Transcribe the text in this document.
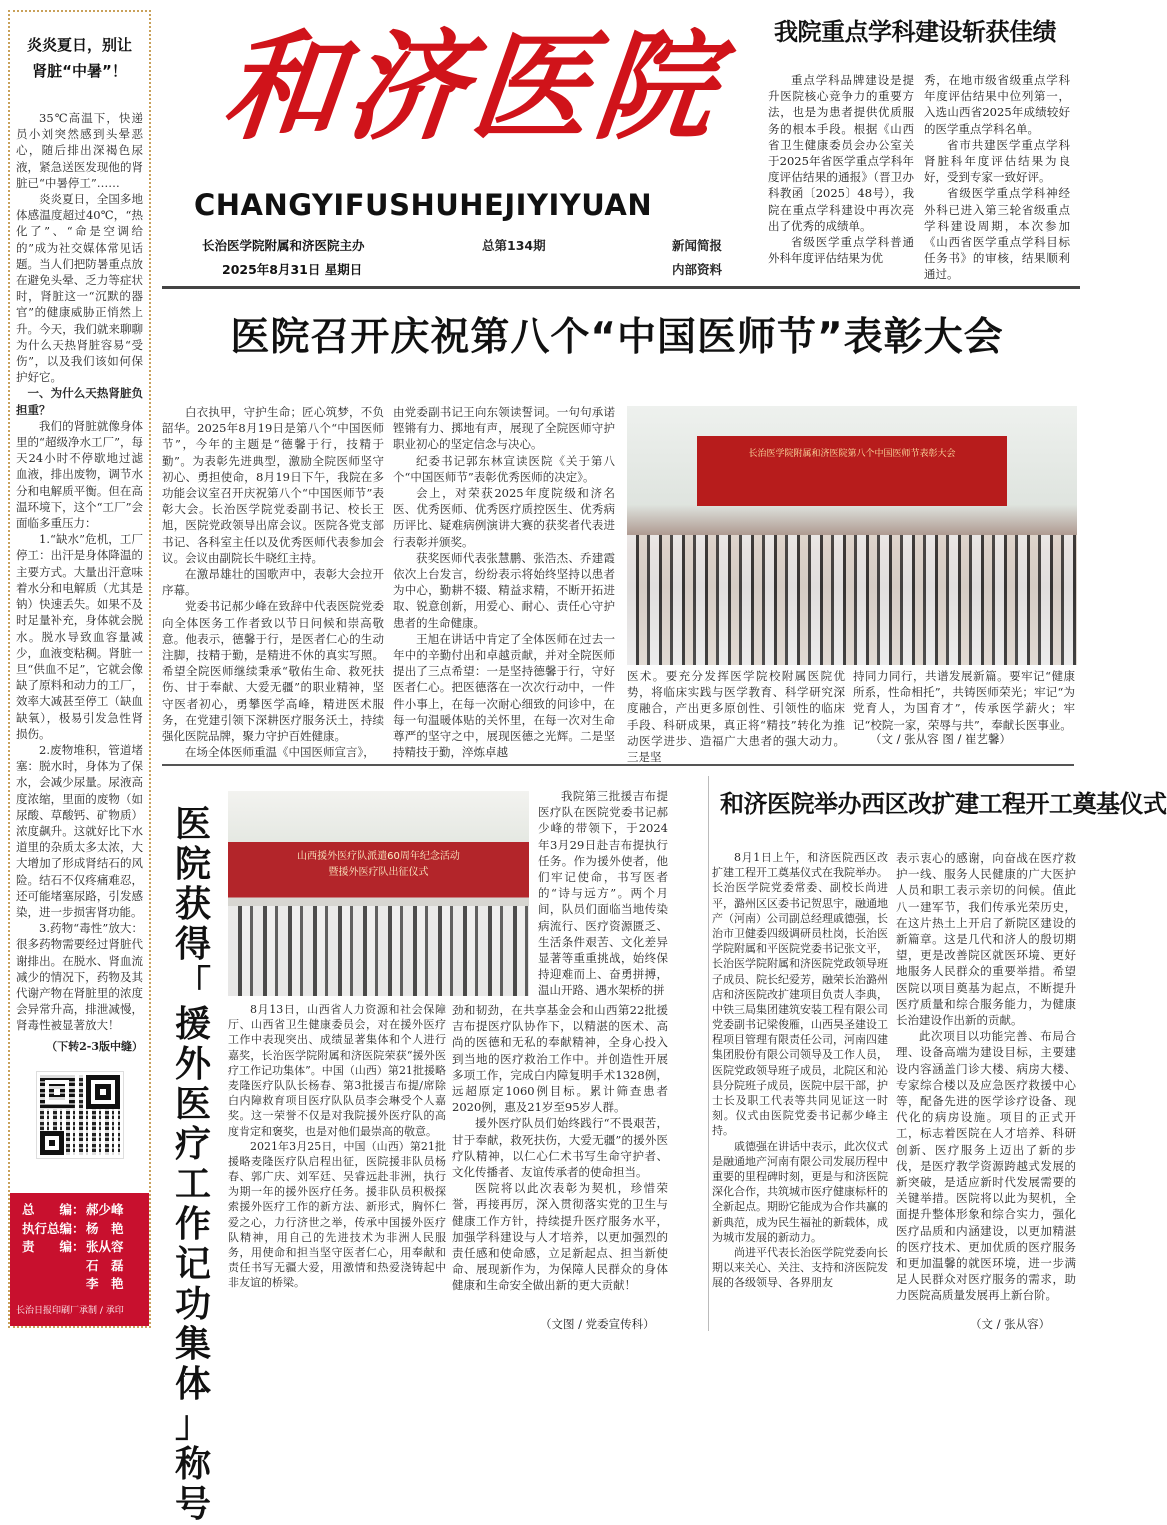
炎炎夏日，别让
肾脏“中暑”！

35℃高温下，快递员小刘突然感到头晕恶心，随后排出深褐色尿液，紧急送医发现他的肾脏已“中暑停工”……

炎炎夏日，全国多地体感温度超过40℃，“热化了”、“命是空调给的”成为社交媒体常见话题。当人们把防暑重点放在避免头晕、乏力等症状时，肾脏这一“沉默的器官”的健康威胁正悄然上升。今天，我们就来聊聊为什么天热肾脏容易“受伤”，以及我们该如何保护好它。

一、为什么天热肾脏负担重？

我们的肾脏就像身体里的“超级净水工厂”，每天24小时不停歇地过滤血液，排出废物，调节水分和电解质平衡。但在高温环境下，这个“工厂”会面临多重压力：

1.“缺水”危机，工厂停工：出汗是身体降温的主要方式。大量出汗意味着水分和电解质（尤其是钠）快速丢失。如果不及时足量补充，身体就会脱水。脱水导致血容量减少，血液变粘稠。肾脏一旦“供血不足”，它就会像缺了原料和动力的工厂，效率大减甚至停工（缺血缺氧），极易引发急性肾损伤。

2.废物堆积，管道堵塞：脱水时，身体为了保水，会减少尿量。尿液高度浓缩，里面的废物（如尿酸、草酸钙、矿物质）浓度飙升。这就好比下水道里的杂质太多太浓，大大增加了形成肾结石的风险。结石不仅疼痛难忍，还可能堵塞尿路，引发感染，进一步损害肾功能。

3.药物“毒性”放大：很多药物需要经过肾脏代谢排出。在脱水、肾血流减少的情况下，药物及其代谢产物在肾脏里的浓度会异常升高，排泄减慢，肾毒性被显著放大！

（下转2-3版中缝）
总　　编： 郝少峰
执行总编： 杨　艳
责　　编： 张从容
石　磊
李　艳
长治日报印刷厂承制 / 承印
和济医院
CHANGYIFUSHUHEJIYIYUAN
长治医学院附属和济医院主办
2025年8月31日 星期日
总第134期	新闻简报
内部资料
我院重点学科建设斩获佳绩

重点学科品牌建设是提升医院核心竞争力的重要方法，也是为患者提供优质服务的根本手段。根据《山西省卫生健康委员会办公室关于2025年省医学重点学科年度评估结果的通报》（晋卫办科教函〔2025〕48号），我院在重点学科建设中再次亮出了优秀的成绩单。

省级医学重点学科普通外科年度评估结果为优

秀，在地市级省级重点学科年度评估结果中位列第一，入选山西省2025年成绩较好的医学重点学科名单。

省市共建医学重点学科肾脏科年度评估结果为良好，受到专家一致好评。

省级医学重点学科神经外科已进入第三轮省级重点学科建设周期，本次参加《山西省医学重点学科目标任务书》的审核，结果顺利通过。

医院召开庆祝第八个“中国医师节”表彰大会

白衣执甲，守护生命；匠心筑梦，不负韶华。2025年8月19日是第八个“中国医师节”，今年的主题是“德馨于行，技精于勤”。为表彰先进典型，激励全院医师坚守初心、勇担使命，8月19日下午，我院在多功能会议室召开庆祝第八个“中国医师节”表彰大会。长治医学院党委副书记、校长王旭，医院党政领导出席会议。医院各党支部书记、各科室主任以及优秀医师代表参加会议。会议由副院长牛晓红主持。

在激昂雄壮的国歌声中，表彰大会拉开序幕。

党委书记郝少峰在致辞中代表医院党委向全体医务工作者致以节日问候和崇高敬意。他表示，德馨于行，是医者仁心的生动注脚，技精于勤，是精进不休的真实写照。希望全院医师继续秉承“敬佑生命、救死扶伤、甘于奉献、大爱无疆”的职业精神，坚守医者初心，勇攀医学高峰，精进医术服务，在党建引领下深耕医疗服务沃土，持续强化医院品牌，聚力守护百姓健康。

在场全体医师重温《中国医师宣言》，

由党委副书记王向东领读誓词。一句句承诺铿锵有力、掷地有声，展现了全院医师守护职业初心的坚定信念与决心。

纪委书记郭东林宣读医院《关于第八个“中国医师节”表彰优秀医师的决定》。

会上，对荣获2025年度院级和济名医、优秀医师、优秀医疗质控医生、优秀病历评比、疑难病例演讲大赛的获奖者代表进行表彰并颁奖。

获奖医师代表张慧鹏、张浩杰、乔建霞依次上台发言，纷纷表示将始终坚持以患者为中心，勤耕不辍、精益求精，不断开拓进取、锐意创新，用爱心、耐心、责任心守护患者的生命健康。

王旭在讲话中肯定了全体医师在过去一年中的辛勤付出和卓越贡献，并对全院医师提出了三点希望：一是坚持德馨于行，守好医者仁心。把医德落在一次次行动中，一件件小事上，在每一次耐心细致的问诊中，在每一句温暖体贴的关怀里，在每一次对生命尊严的坚守之中，展现医德之光辉。二是坚持精技于勤，淬炼卓越

长治医学院附属和济医院第八个中国医师节表彰大会

医术。要充分发挥医学院校附属医院优势，将临床实践与医学教育、科学研究深度融合，产出更多原创性、引领性的临床手段、科研成果，真正将“精技”转化为推动医学进步、造福广大患者的强大动力。三是坚

持同力同行，共谱发展新篇。要牢记“健康所系，性命相托”，共铸医师荣光；牢记“为党育人，为国育才”，传承医学薪火；牢记“校院一家，荣辱与共”，奉献长医事业。

（文 / 张从容 图 / 崔艺馨）
医
院
获
得
「
援
外
医
疗
工
作
记
功
集
体
」
称
号
山西援外医疗队派遣60周年纪念活动
暨援外医疗队出征仪式

我院第三批援吉布提医疗队在医院党委书记郝少峰的带领下，于2024年3月29日赴吉布提执行任务。作为援外使者，他们牢记使命，书写医者的“诗与远方”。两个月间，队员们面临当地传染病流行、医疗资源匮乏、生活条件艰苦、文化差异显著等重重挑战，始终保持迎难而上、奋勇拼搏，温山开路、遇水架桥的拼

8月13日，山西省人力资源和社会保障厅、山西省卫生健康委员会，对在援外医疗工作中表现突出、成绩显著集体和个人进行嘉奖，长治医学院附属和济医院荣获“援外医疗工作记功集体”。中国（山西）第21批援略麦隆医疗队队长杨春、第3批援吉布提/席除白内障救育项目医疗队队员李会琳受个人嘉奖。这一荣誉不仅是对我院援外医疗队的高度肯定和褒奖，也是对他们最崇高的敬意。

2021年3月25日，中国（山西）第21批援略麦隆医疗队启程出征，医院援非队员杨春、郭广庆、刘军廷、吴睿远赴非洲，执行为期一年的援外医疗任务。援非队员积极探索援外医疗工作的新方法、新形式，胸怀仁爱之心，力行济世之举，传承中国援外医疗队精神，用自己的先进技术为非洲人民服务，用使命和担当坚守医者仁心，用奉献和责任书写无疆大爱，用激情和热爱浇铸起中非友谊的桥梁。

劲和韧劲，在共享基金会和山西第22批援吉布提医疗队协作下，以精湛的医术、高尚的医德和无私的奉献精神，全身心投入到当地的医疗救治工作中。并创造性开展多项工作，完成白内障复明手术1328例，远超原定1060例目标。累计筛查患者2020例，惠及21岁至95岁人群。

援外医疗队员们始终践行“不畏艰苦，甘于奉献，救死扶伤，大爱无疆”的援外医疗队精神，以仁心仁术书写生命守护者、文化传播者、友谊传承者的使命担当。

医院将以此次表彰为契机，珍惜荣誉，再接再厉，深入贯彻落实党的卫生与健康工作方针，持续提升医疗服务水平，加强学科建设与人才培养，以更加强烈的责任感和使命感，立足新起点、担当新使命、展现新作为，为保障人民群众的身体健康和生命安全做出新的更大贡献！

（文图 / 党委宣传科）
和济医院举办西区改扩建工程开工奠基仪式

8月1日上午，和济医院西区改扩建工程开工奠基仪式在我院举办。长治医学院党委常委、副校长尚进平，潞州区区委书记贺思宇，融通地产（河南）公司副总经理戚德强，长治市卫健委四级调研员杜岗，长治医学院附属和平医院党委书记张文平，长治医学院附属和济医院党政领导班子成员、院长纪爱芳，融荣长治潞州店和济医院改扩建项目负责人李典，中铁三局集团建筑安装工程有限公司党委副书记梁俊雁，山西昊圣建设工程项目管理有限责任公司，河南四建集团股份有限公司领导及工作人员，医院党政领导班子成员，北院区和沁县分院班子成员，医院中层干部，护士长及职工代表等共同见证这一时刻。仪式由医院党委书记郝少峰主持。

戚德强在讲话中表示，此次仪式是融通地产河南有限公司发展历程中重要的里程碑时刻，更是与和济医院深化合作，共筑城市医疗健康标杆的全新起点。期盼它能成为合作共赢的新典范，成为民生福祉的新载体，成为城市发展的新动力。

尚进平代表长治医学院党委向长期以来关心、关注、支持和济医院发展的各级领导、各界朋友

表示衷心的感谢，向奋战在医疗救护一线、服务人民健康的广大医护人员和职工表示亲切的问候。值此八一建军节，我们传承光荣历史，在这片热土上开启了新院区建设的新篇章。这是几代和济人的殷切期望，更是改善院区就医环境、更好地服务人民群众的重要举措。希望医院以项目奠基为起点，不断提升医疗质量和综合服务能力，为健康长治建设作出新的贡献。

此次项目以功能完善、布局合理、设备高端为建设目标，主要建设内容涵盖门诊大楼、病房大楼、专家综合楼以及应急医疗救援中心等，配备先进的医学诊疗设备、现代化的病房设施。项目的正式开工，标志着医院在人才培养、科研创新、医疗服务上迈出了新的步伐，是医疗教学资源跨越式发展的新突破，是适应新时代发展需要的关键举措。医院将以此为契机，全面提升整体形象和综合实力，强化医疗品质和内涵建设，以更加精湛的医疗技术、更加优质的医疗服务和更加温馨的就医环境，进一步满足人民群众对医疗服务的需求，助力医院高质量发展再上新台阶。

（文 / 张从容）
